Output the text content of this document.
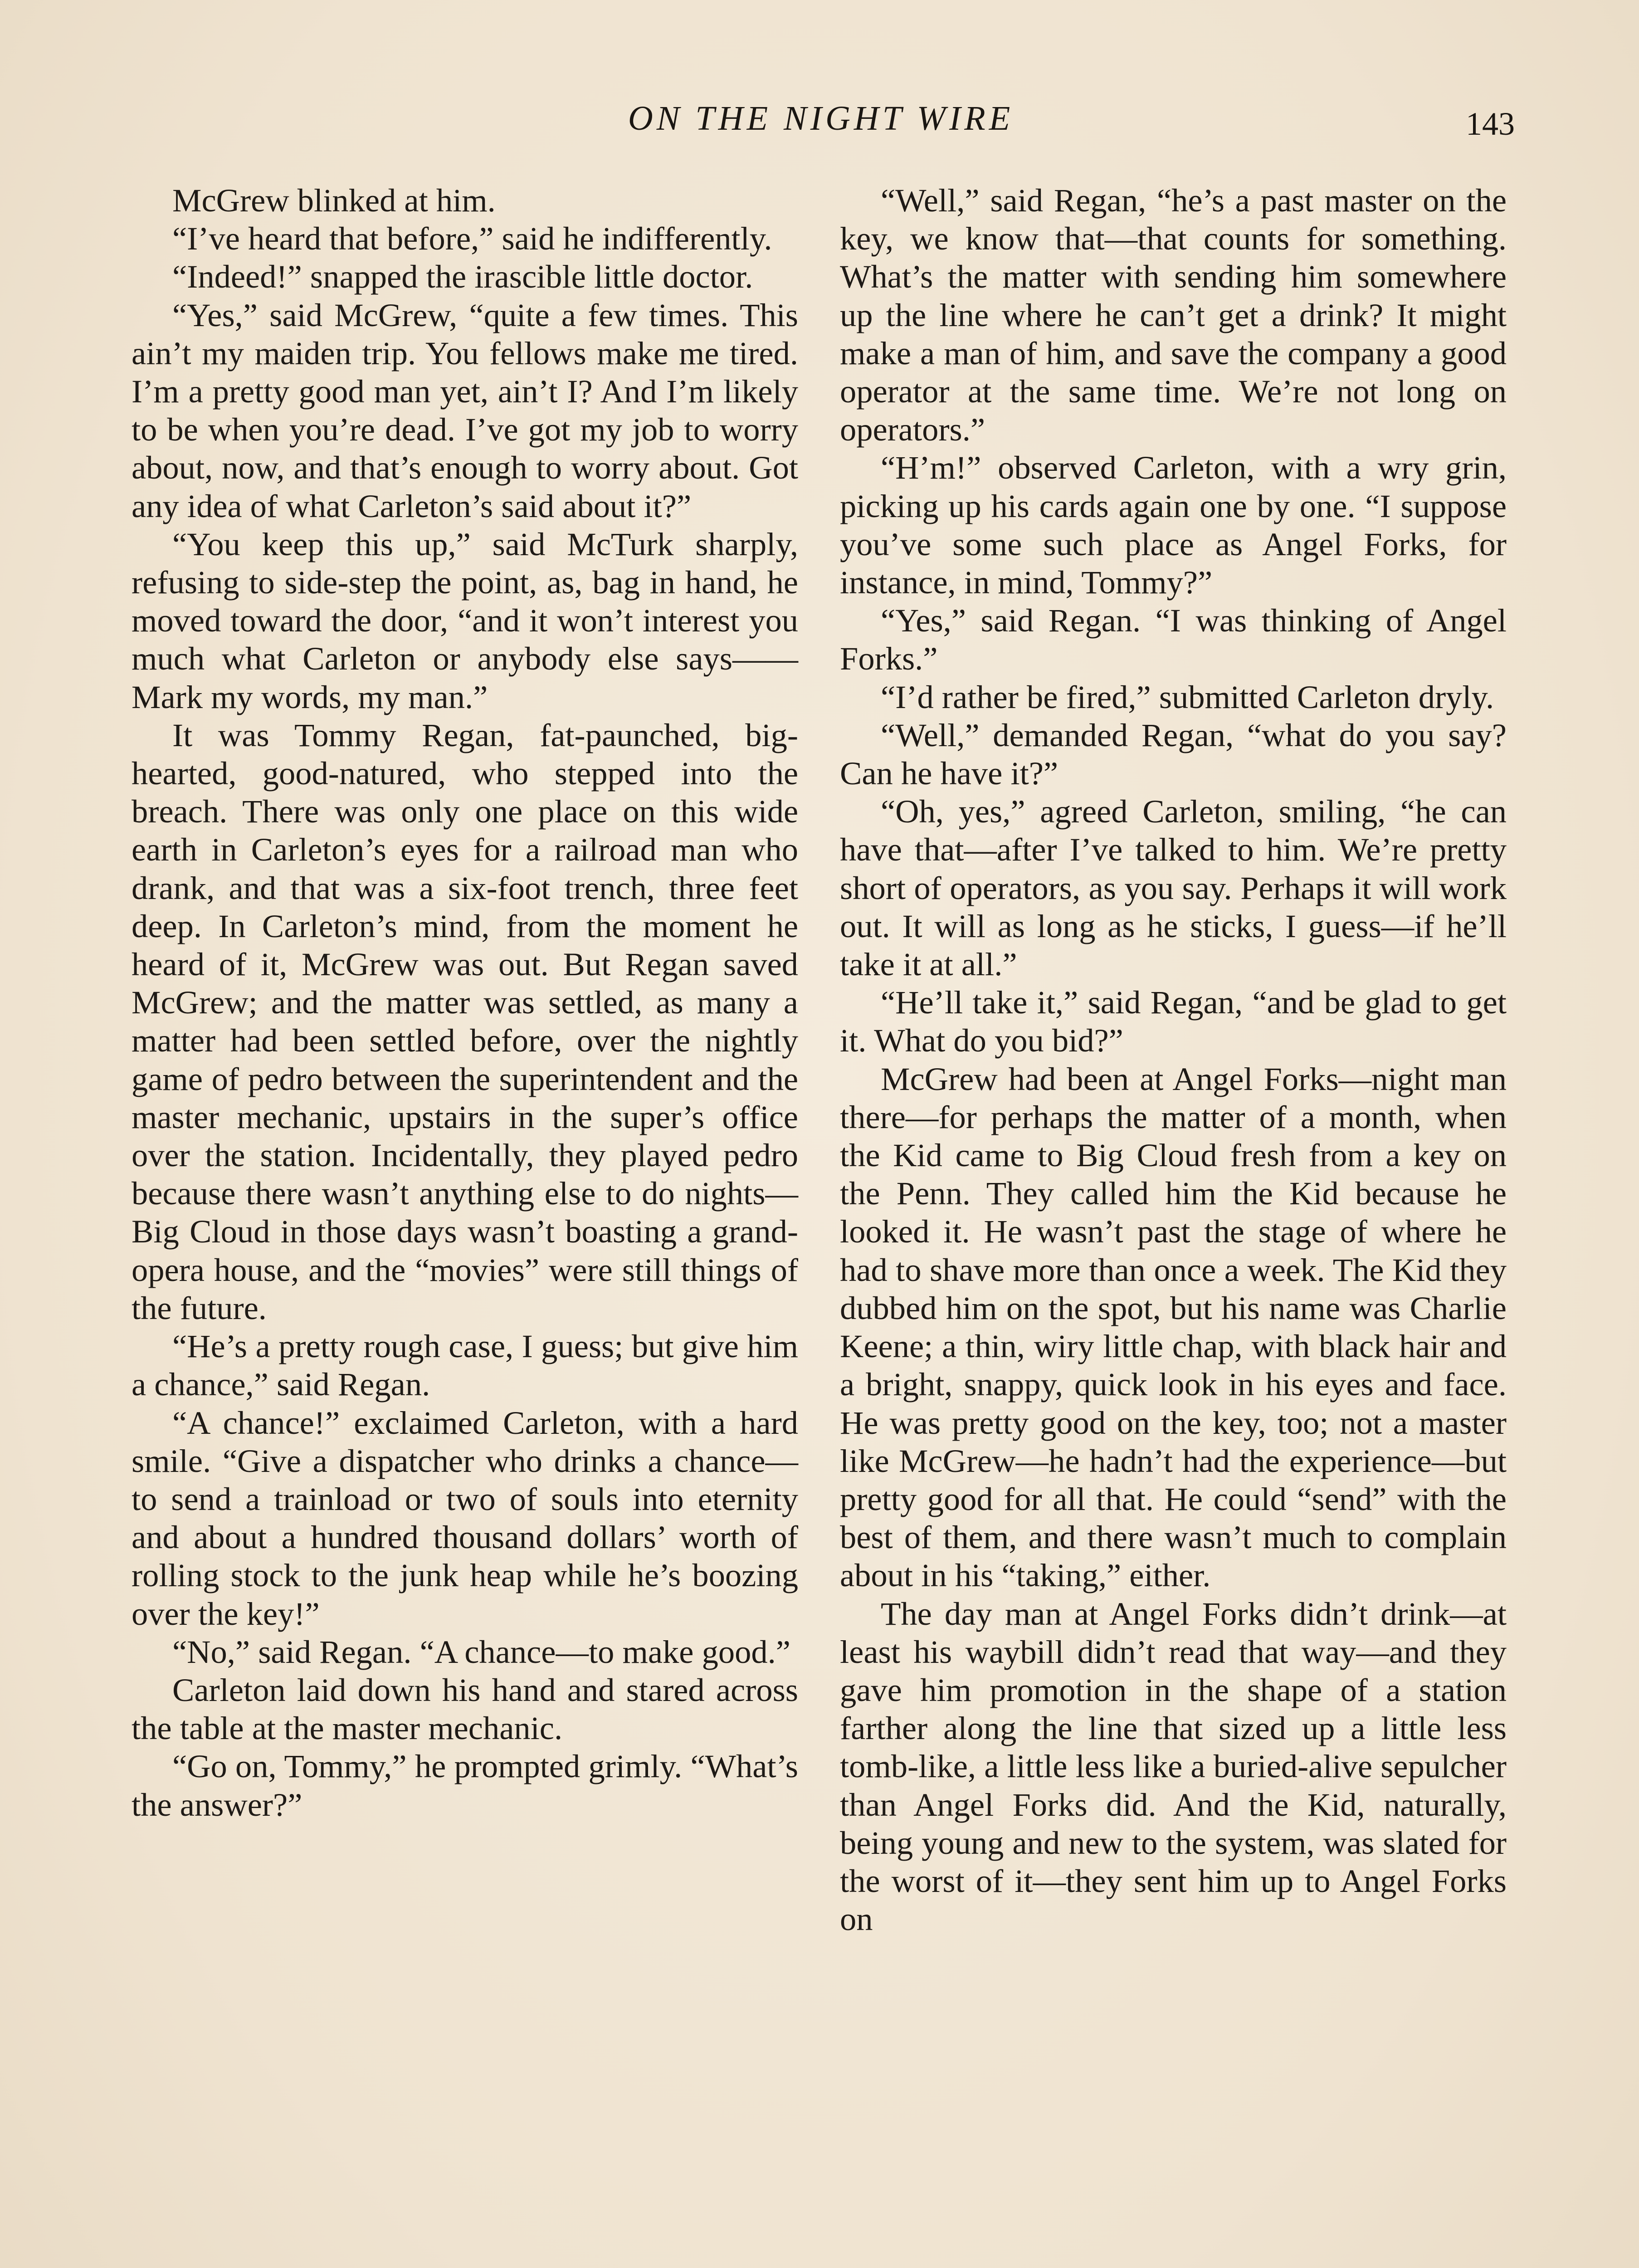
ON THE NIGHT WIRE	143

McGrew blinked at him.

“I’ve heard that before,” said he indifferently.

“Indeed!” snapped the irascible little doctor.

“Yes,” said McGrew, “quite a few times. This ain’t my maiden trip. You fellows make me tired. I’m a pretty good man yet, ain’t I? And I’m likely to be when you’re dead. I’ve got my job to worry about, now, and that’s enough to worry about. Got any idea of what Carleton’s said about it?”

“You keep this up,” said McTurk sharply, refusing to side-step the point, as, bag in hand, he moved toward the door, “and it won’t interest you much what Carleton or anybody else says——Mark my words, my man.”

It was Tommy Regan, fat-paunched, big-hearted, good-natured, who stepped into the breach. There was only one place on this wide earth in Carleton’s eyes for a railroad man who drank, and that was a six-foot trench, three feet deep. In Carleton’s mind, from the moment he heard of it, McGrew was out. But Regan saved McGrew; and the matter was settled, as many a matter had been settled before, over the nightly game of pedro between the superintendent and the master mechanic, upstairs in the super’s office over the station. Incidentally, they played pedro because there wasn’t anything else to do nights—Big Cloud in those days wasn’t boasting a grand-opera house, and the “movies” were still things of the future.

“He’s a pretty rough case, I guess; but give him a chance,” said Regan.

“A chance!” exclaimed Carleton, with a hard smile. “Give a dispatcher who drinks a chance—to send a trainload or two of souls into eternity and about a hundred thousand dollars’ worth of rolling stock to the junk heap while he’s boozing over the key!”

“No,” said Regan. “A chance—to make good.”

Carleton laid down his hand and stared across the table at the master mechanic.

“Go on, Tommy,” he prompted grimly. “What’s the answer?”

“Well,” said Regan, “he’s a past master on the key, we know that—that counts for something. What’s the matter with sending him somewhere up the line where he can’t get a drink? It might make a man of him, and save the company a good operator at the same time. We’re not long on operators.”

“H’m!” observed Carleton, with a wry grin, picking up his cards again one by one. “I suppose you’ve some such place as Angel Forks, for instance, in mind, Tommy?”

“Yes,” said Regan. “I was thinking of Angel Forks.”

“I’d rather be fired,” submitted Carleton dryly.

“Well,” demanded Regan, “what do you say? Can he have it?”

“Oh, yes,” agreed Carleton, smiling, “he can have that—after I’ve talked to him. We’re pretty short of operators, as you say. Perhaps it will work out. It will as long as he sticks, I guess—if he’ll take it at all.”

“He’ll take it,” said Regan, “and be glad to get it. What do you bid?”

McGrew had been at Angel Forks—night man there—for perhaps the matter of a month, when the Kid came to Big Cloud fresh from a key on the Penn. They called him the Kid because he looked it. He wasn’t past the stage of where he had to shave more than once a week. The Kid they dubbed him on the spot, but his name was Charlie Keene; a thin, wiry little chap, with black hair and a bright, snappy, quick look in his eyes and face. He was pretty good on the key, too; not a master like McGrew—he hadn’t had the experience—but pretty good for all that. He could “send” with the best of them, and there wasn’t much to complain about in his “taking,” either.

The day man at Angel Forks didn’t drink—at least his waybill didn’t read that way—and they gave him promotion in the shape of a station farther along the line that sized up a little less tomb-like, a little less like a buried-alive sepulcher than Angel Forks did. And the Kid, naturally, being young and new to the system, was slated for the worst of it—they sent him up to Angel Forks on
